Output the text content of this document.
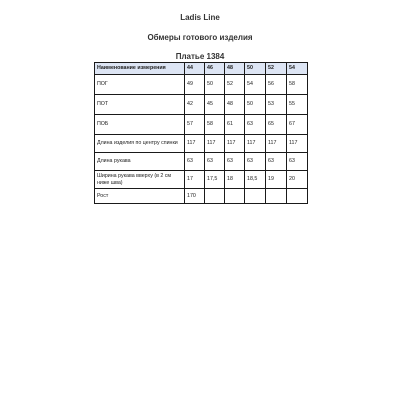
Ladis Line
Обмеры готового изделия
Платье 1384
Наименование измерения	44	46	48	50	52	54
ПОГ	49	50	52	54	56	58
ПОТ	42	45	48	50	53	55
ПОБ	57	58	61	63	65	67
Длина изделия по центру спинки	117	117	117	117	117	117
Длина рукава	63	63	63	63	63	63
Ширина рукава вверху (в 2 см ниже шва)	17	17,5	18	18,5	19	20
Рост	170					
